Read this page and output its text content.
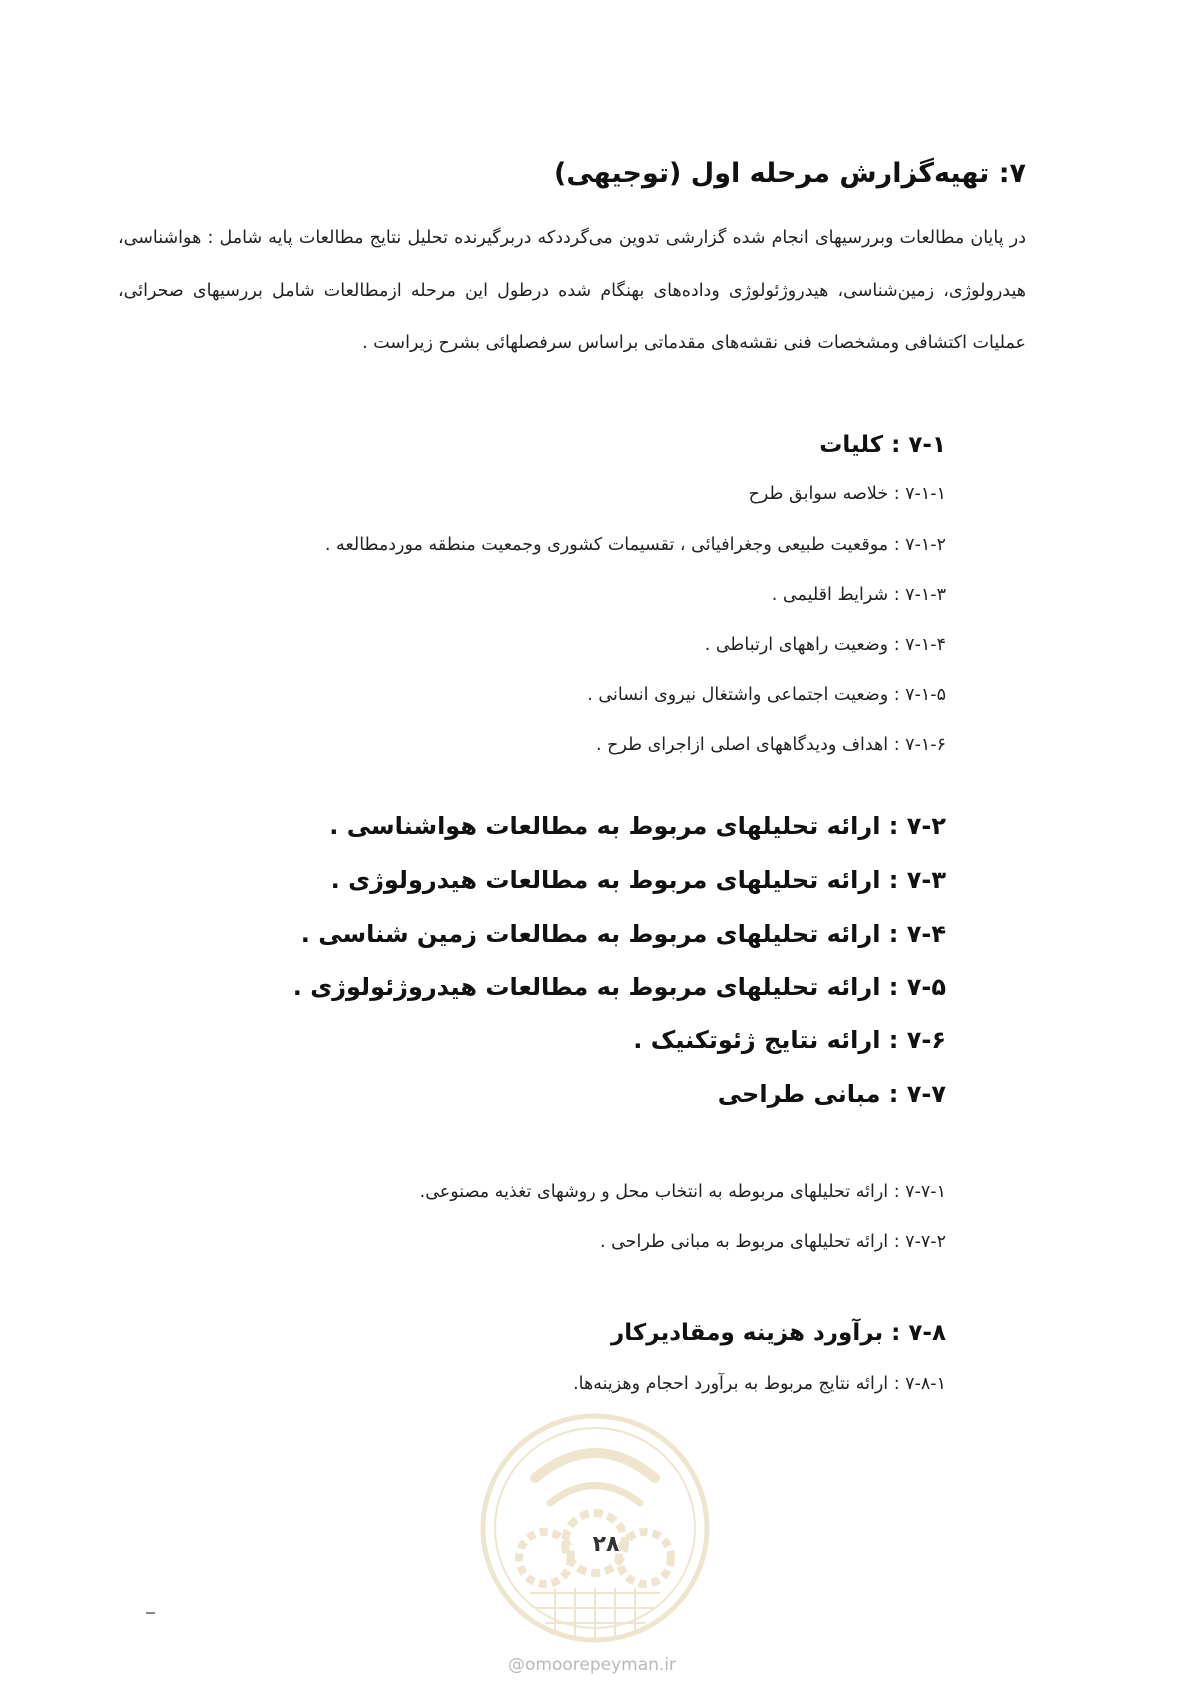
۷: تهیه‌گزارش مرحله اول (توجیهی)

در پایان مطالعات وبررسیهای انجام شده گزارشی تدوین می‌گرددکه دربرگیرنده تحلیل نتایج مطالعات پایه شامل : هواشناسی، هیدرولوژی، زمین‌شناسی، هیدروژئولوژی وداده‌های بهنگام شده درطول این مرحله ازمطالعات شامل بررسیهای صحرائی، عملیات اکتشافی ومشخصات فنی نقشه‌های مقدماتی براساس سرفصلهائی بشرح زیراست .

۷-۱ : کلیات
۷-۱-۱ : خلاصه سوابق طرح
۷-۱-۲ : موقعیت طبیعی وجغرافیائی ، تقسیمات کشوری وجمعیت منطقه موردمطالعه .
۷-۱-۳ : شرایط اقلیمی .
۷-۱-۴ : وضعیت راههای ارتباطی .
۷-۱-۵ : وضعیت اجتماعی واشتغال نیروی انسانی .
۷-۱-۶ : اهداف ودیدگاههای اصلی ازاجرای طرح .
۷-۲ : ارائه تحلیلهای مربوط به مطالعات هواشناسی .
۷-۳ : ارائه تحلیلهای مربوط به مطالعات هیدرولوژی .
۷-۴ : ارائه تحلیلهای مربوط به مطالعات زمین شناسی .
۷-۵ : ارائه تحلیلهای مربوط به مطالعات هیدروژئولوژی .
۷-۶ : ارائه نتایج ژئوتکنیک .
۷-۷ : مبانی طراحی
۷-۷-۱ : ارائه تحلیلهای مربوطه به انتخاب محل و روشهای تغذیه مصنوعی.
۷-۷-۲ : ارائه تحلیلهای مربوط به مبانی طراحی .
۷-۸ : برآورد هزینه ومقادیرکار
۷-۸-۱ : ارائه نتایج مربوط به برآورد احجام وهزینه‌ها.
۲۸
@omoorepeyman.ir
